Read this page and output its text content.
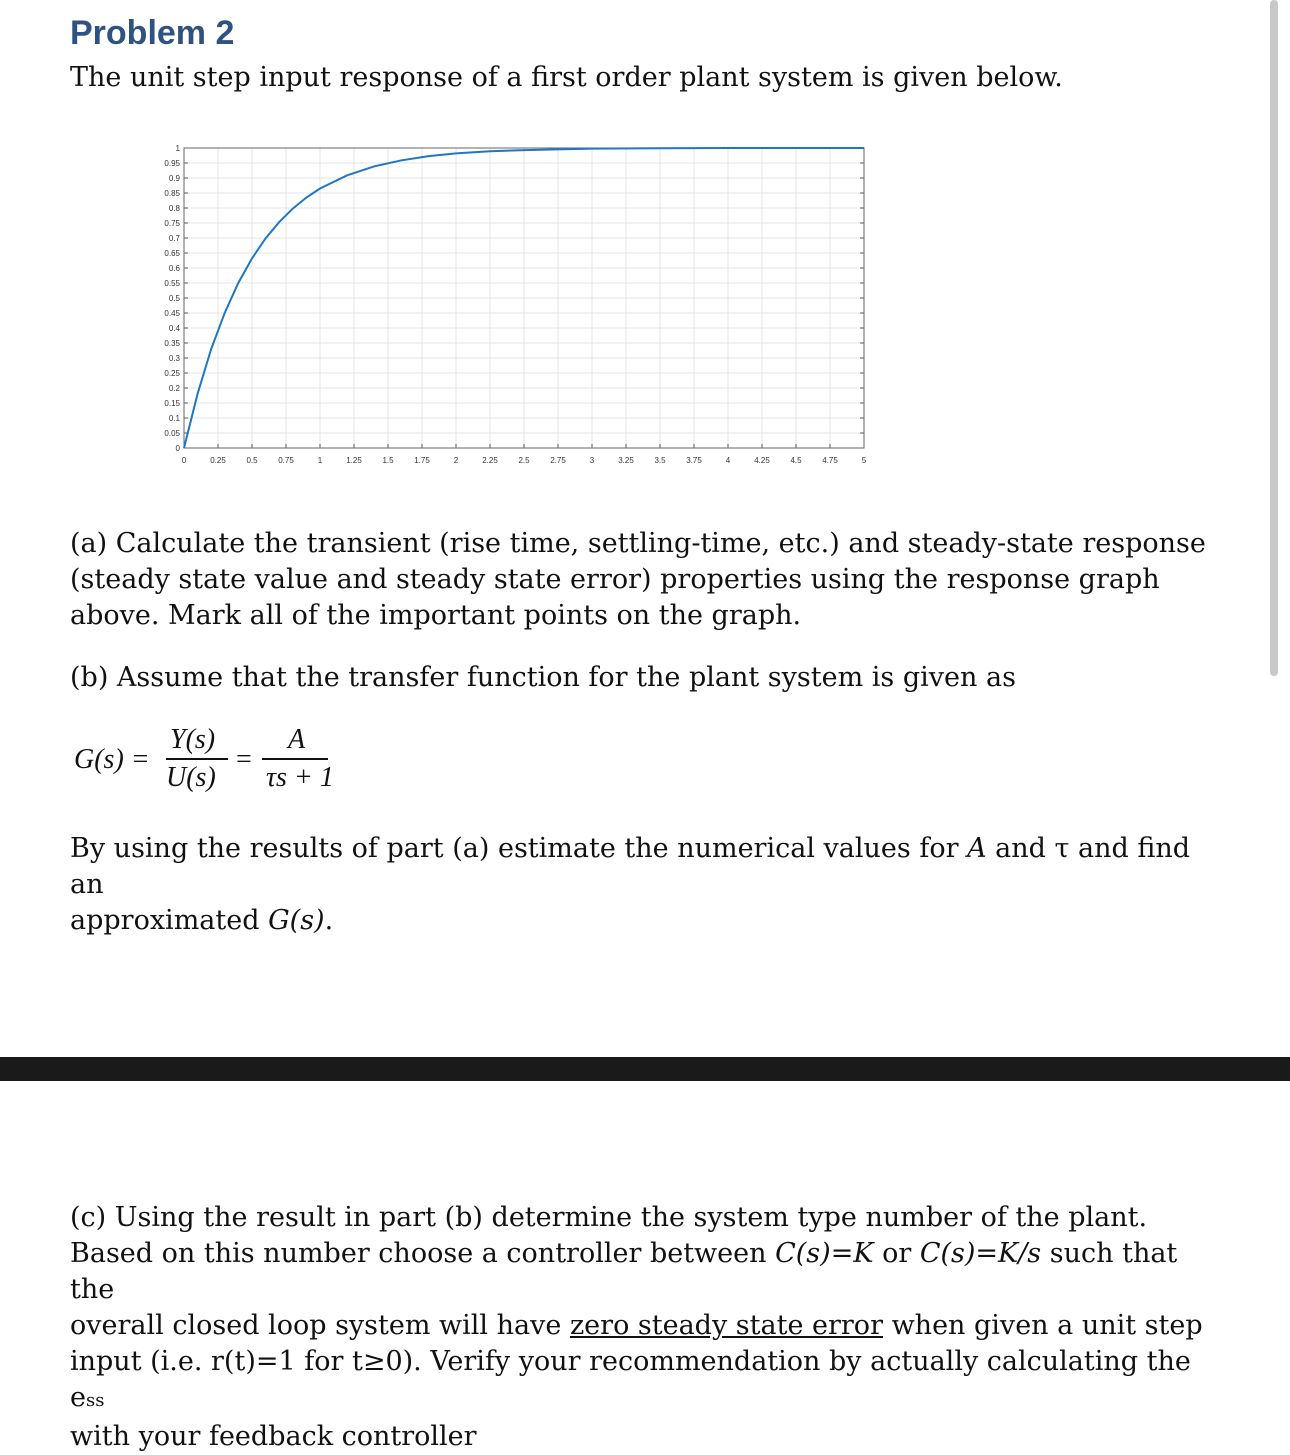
Problem 2
The unit step input response of a first order plant system is given below.
0	0.25	0.5	0.75	1	1.25	1.5	1.75	2	2.25	2.5	2.75	3	3.25	3.5	3.75	4	4.25	4.5	4.75	5
0
0.05
0.1
0.15
0.2
0.25
0.3
0.35
0.4
0.45
0.5
0.55
0.6
0.65
0.7
0.75
0.8
0.85
0.9
0.95
1
(a) Calculate the transient (rise time, settling-time, etc.) and steady-state response
(steady state value and steady state error) properties using the response graph
above. Mark all of the important points on the graph.
(b) Assume that the transfer function for the plant system is given as
G(s) =
Y(s)
U(s)
=
A
τs + 1
By using the results of part (a) estimate the numerical values for A and τ and find an
approximated G(s).
(c) Using the result in part (b) determine the system type number of the plant.
Based on this number choose a controller between C(s)=K or C(s)=K/s such that the
overall closed loop system will have zero steady state error when given a unit step
input (i.e. r(t)=1 for t≥0). Verify your recommendation by actually calculating the ess
with your feedback controller
